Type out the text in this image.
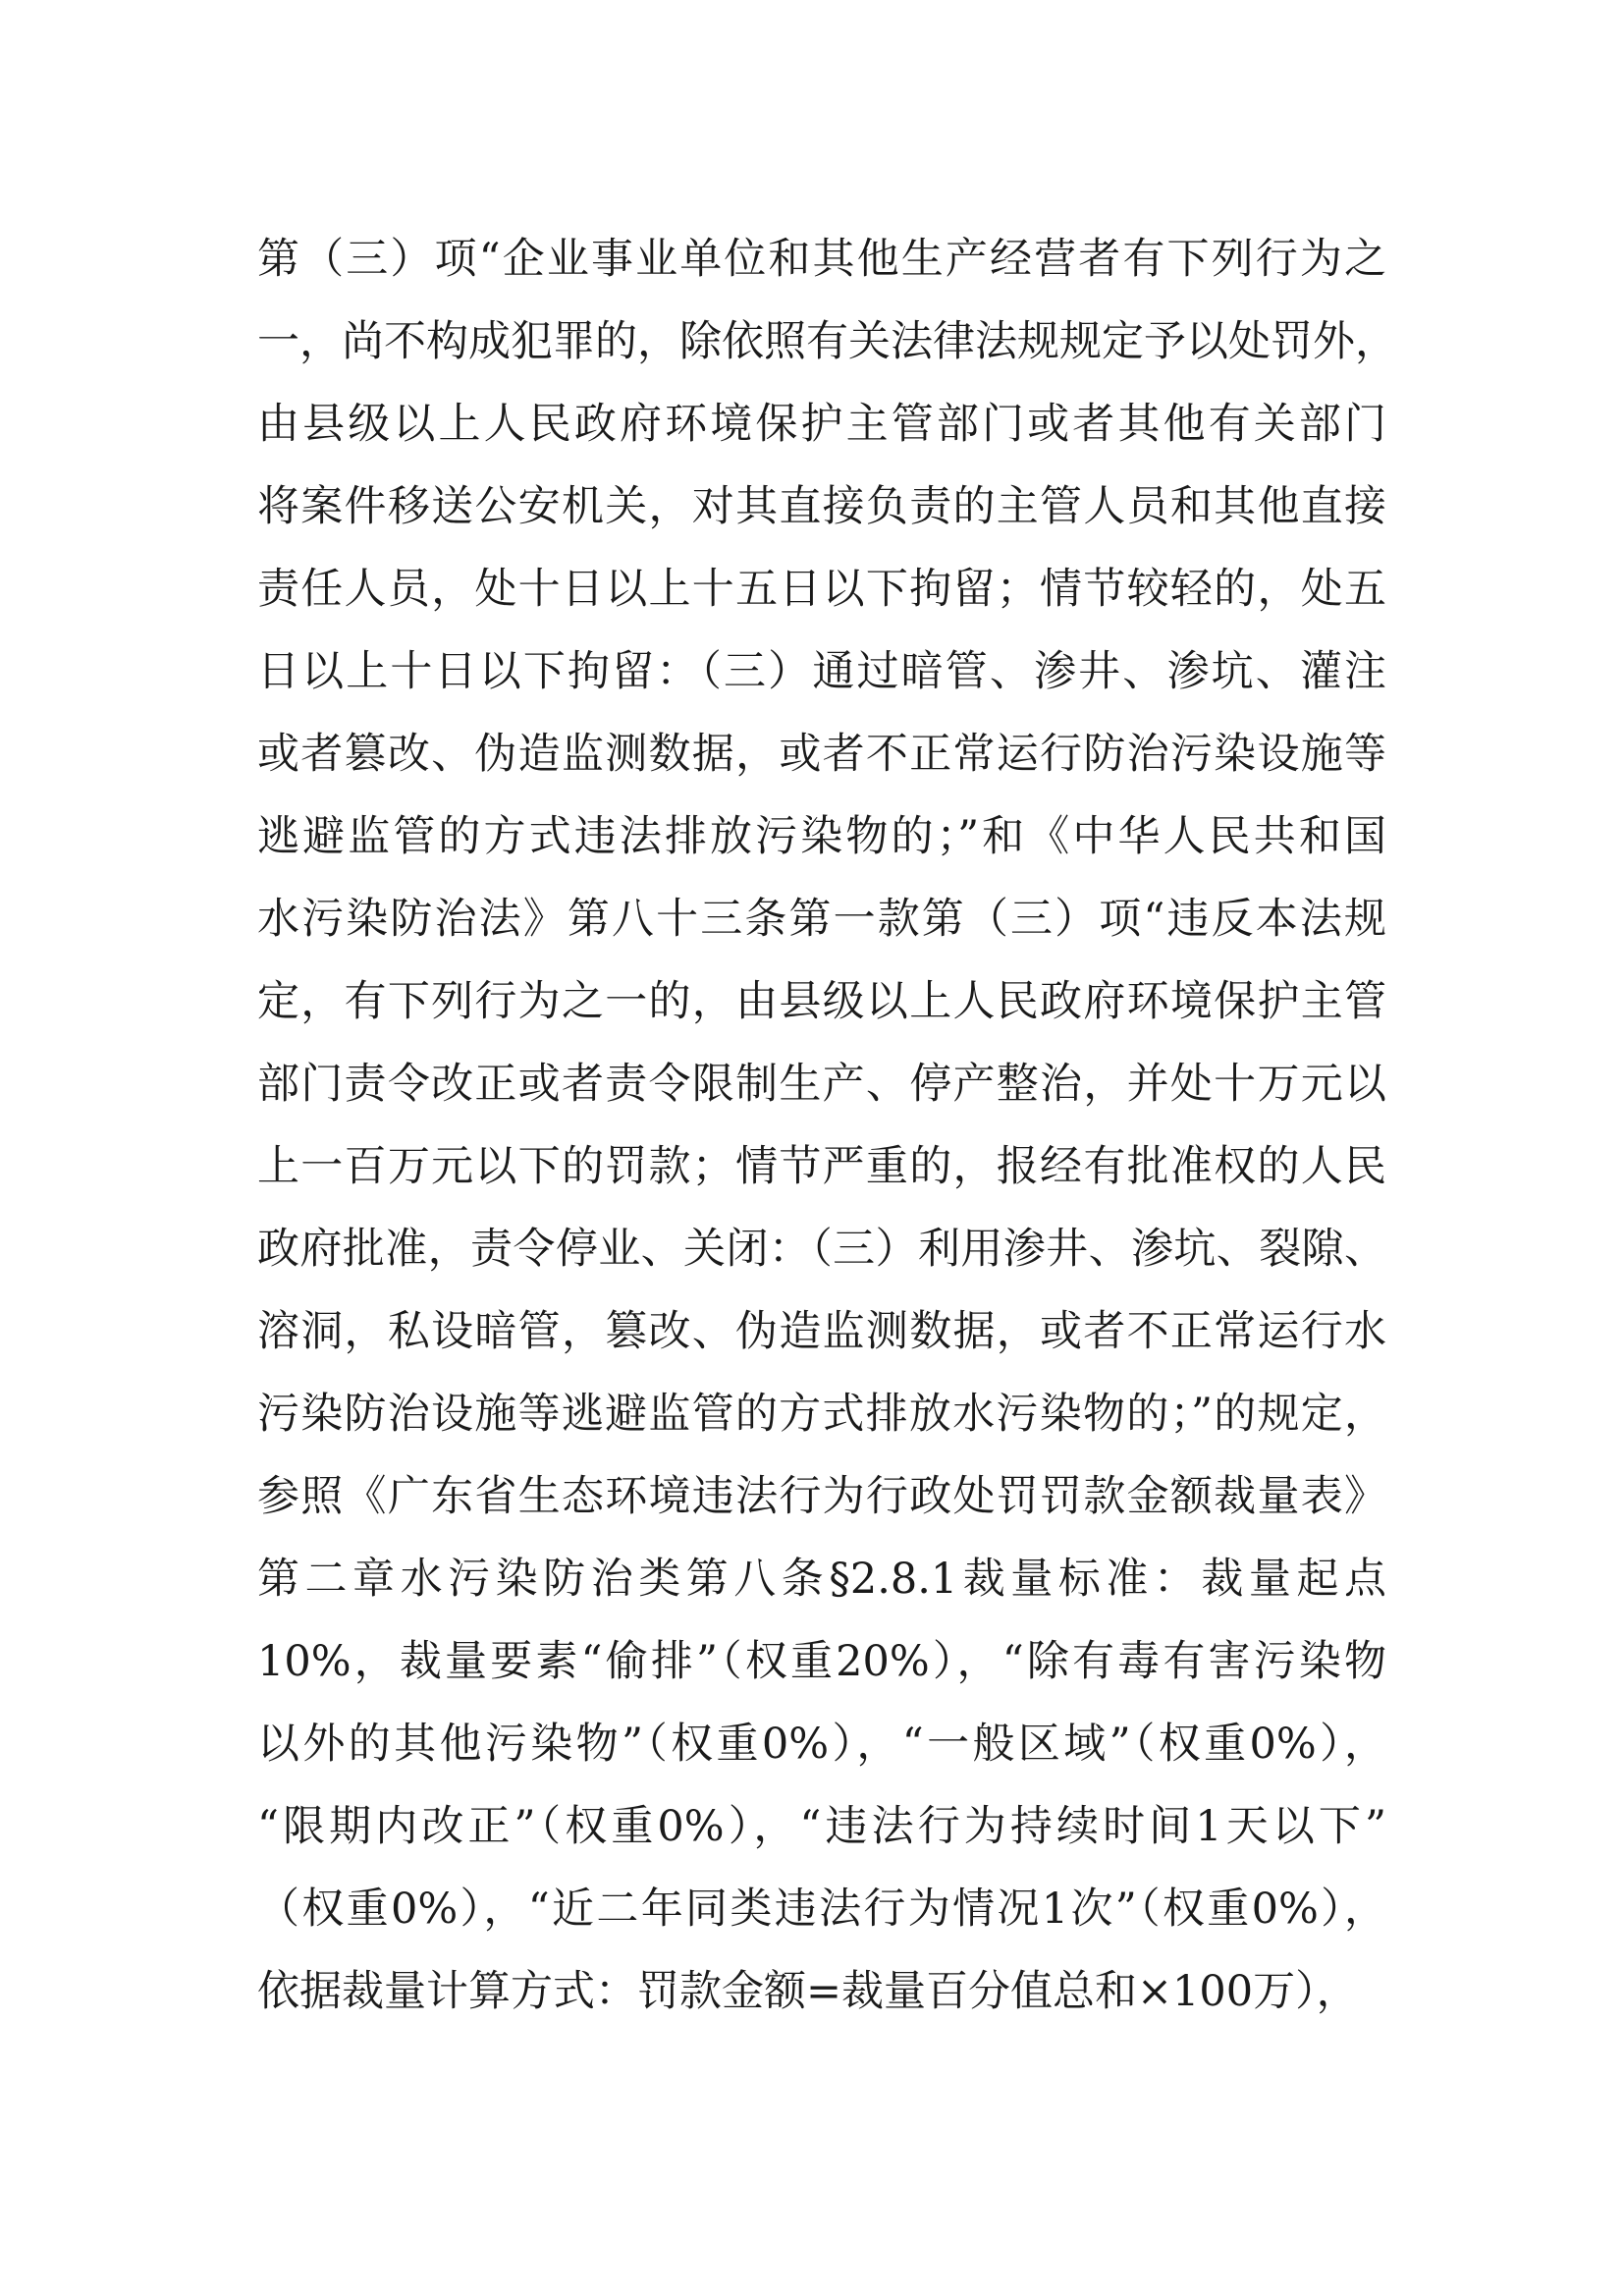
第（三）项“企业事业单位和其他生产经营者有下列行为之
一，尚不构成犯罪的，除依照有关法律法规规定予以处罚外，
由县级以上人民政府环境保护主管部门或者其他有关部门
将案件移送公安机关，对其直接负责的主管人员和其他直接
责任人员，处十日以上十五日以下拘留；情节较轻的，处五
日以上十日以下拘留：（三）通过暗管、渗井、渗坑、灌注
或者篡改、伪造监测数据，或者不正常运行防治污染设施等
逃避监管的方式违法排放污染物的；”和《中华人民共和国
水污染防治法》第八十三条第一款第（三）项“违反本法规
定，有下列行为之一的，由县级以上人民政府环境保护主管
部门责令改正或者责令限制生产、停产整治，并处十万元以
上一百万元以下的罚款；情节严重的，报经有批准权的人民
政府批准，责令停业、关闭：（三）利用渗井、渗坑、裂隙、
溶洞，私设暗管，篡改、伪造监测数据，或者不正常运行水
污染防治设施等逃避监管的方式排放水污染物的；”的规定，
参照《广东省生态环境违法行为行政处罚罚款金额裁量表》
第二章水污染防治类第八条§2.8.1裁量标准：裁量起点
10%，裁量要素“偷排”（权重20%），“除有毒有害污染物
以外的其他污染物”（权重0%），“一般区域”（权重0%），
“限期内改正”（权重0%），“违法行为持续时间1天以下”
（权重0%），“近二年同类违法行为情况1次”（权重0%），
依据裁量计算方式：罚款金额=裁量百分值总和×100万），
